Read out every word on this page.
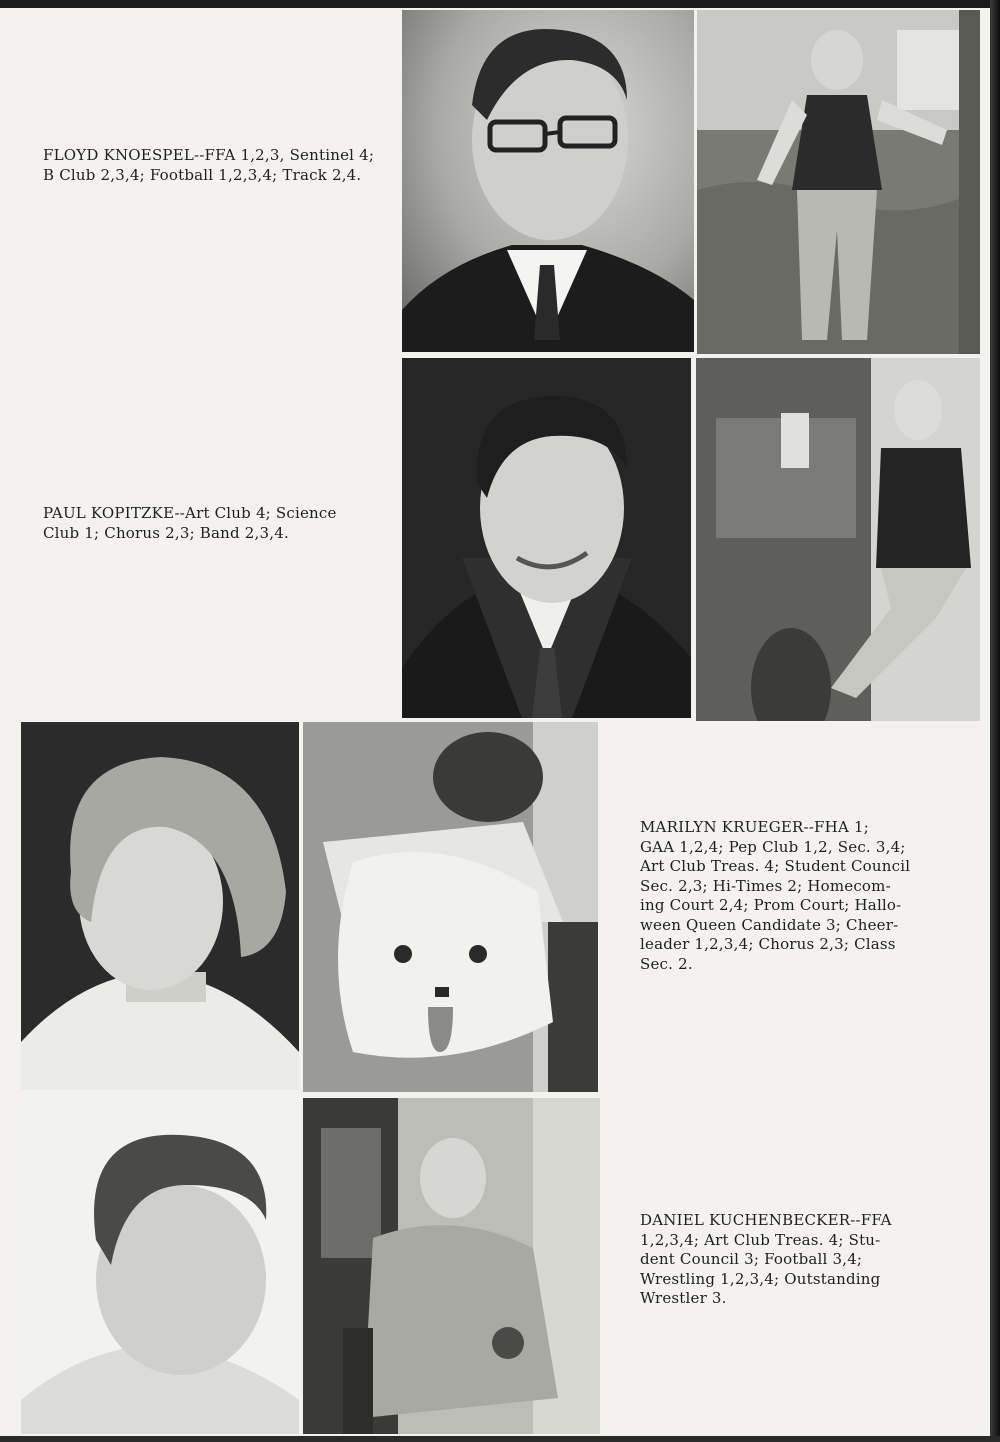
FLOYD KNOESPEL--FFA 1,2,3, Sentinel 4;
B Club 2,3,4; Football 1,2,3,4; Track 2,4.
PAUL KOPITZKE--Art Club 4; Science
Club 1; Chorus 2,3; Band 2,3,4.
MARILYN KRUEGER--FHA 1;
GAA 1,2,4; Pep Club 1,2, Sec. 3,4;
Art Club Treas. 4; Student Council
Sec. 2,3; Hi-Times 2; Homecom-
ing Court 2,4; Prom Court; Hallo-
ween Queen Candidate 3; Cheer-
leader 1,2,3,4; Chorus 2,3; Class
Sec. 2.
DANIEL KUCHENBECKER--FFA
1,2,3,4; Art Club Treas. 4; Stu-
dent Council 3; Football 3,4;
Wrestling 1,2,3,4; Outstanding
Wrestler 3.
